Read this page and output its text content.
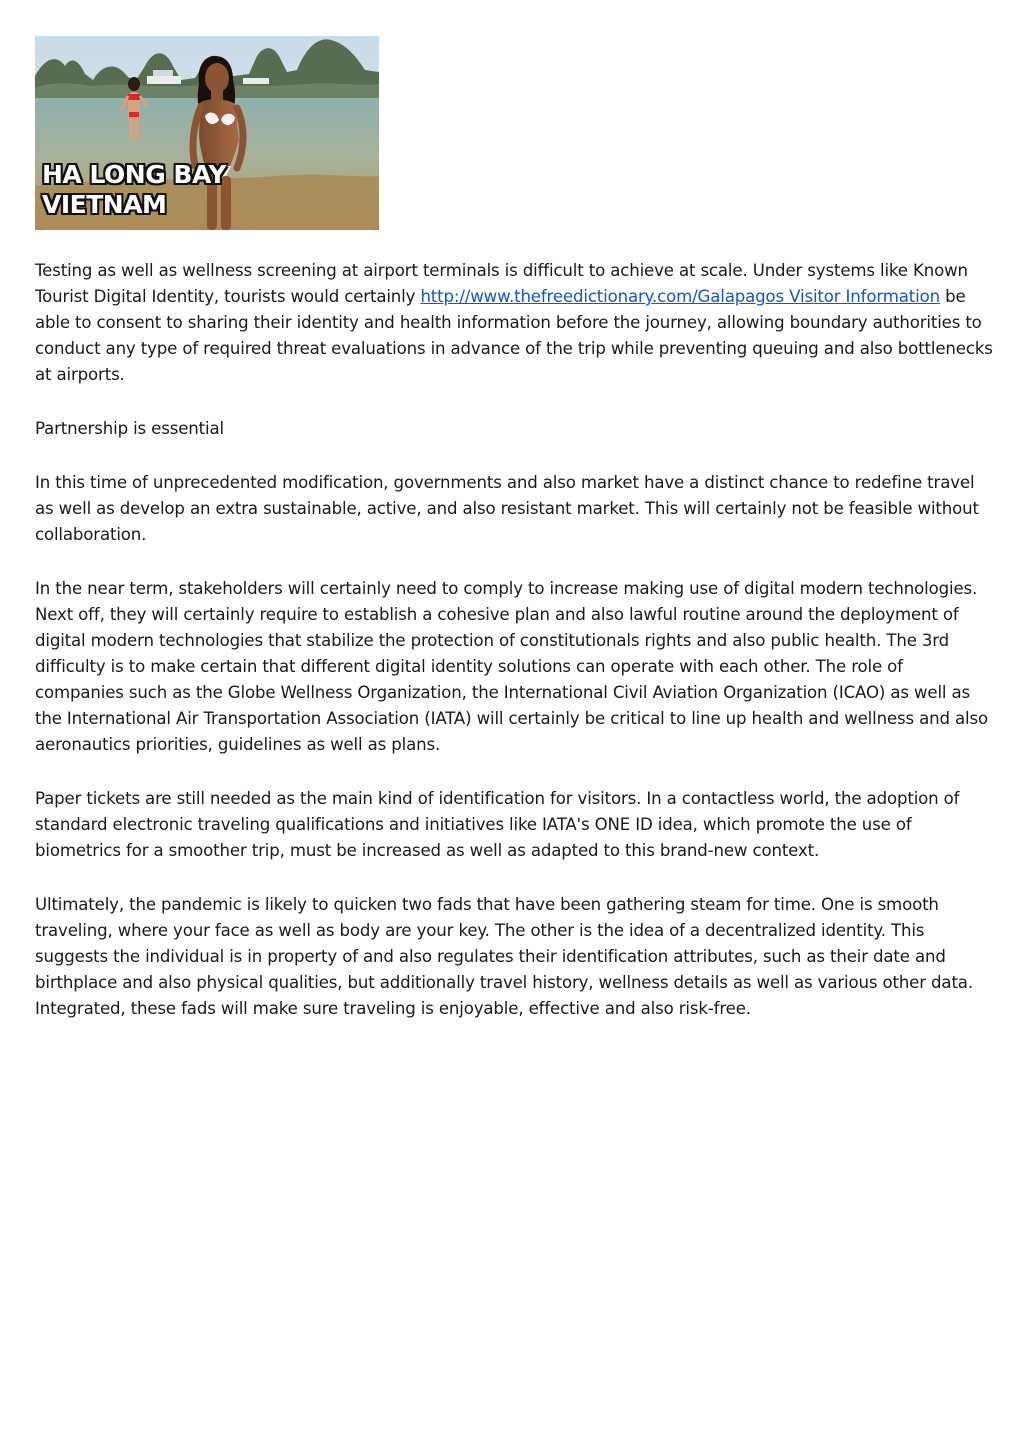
HA LONG BAY
VIETNAM

Testing as well as wellness screening at airport terminals is difficult to achieve at scale. Under systems like Known Tourist Digital Identity, tourists would certainly http://www.thefreedictionary.com/Galapagos Visitor Information be able to consent to sharing their identity and health information before the journey, allowing boundary authorities to conduct any type of required threat evaluations in advance of the trip while preventing queuing and also bottlenecks at airports.

Partnership is essential

In this time of unprecedented modification, governments and also market have a distinct chance to redefine travel as well as develop an extra sustainable, active, and also resistant market. This will certainly not be feasible without collaboration.

In the near term, stakeholders will certainly need to comply to increase making use of digital modern technologies. Next off, they will certainly require to establish a cohesive plan and also lawful routine around the deployment of digital modern technologies that stabilize the protection of constitutionals rights and also public health. The 3rd difficulty is to make certain that different digital identity solutions can operate with each other. The role of companies such as the Globe Wellness Organization, the International Civil Aviation Organization (ICAO) as well as the International Air Transportation Association (IATA) will certainly be critical to line up health and wellness and also aeronautics priorities, guidelines as well as plans.

Paper tickets are still needed as the main kind of identification for visitors. In a contactless world, the adoption of standard electronic traveling qualifications and initiatives like IATA's ONE ID idea, which promote the use of biometrics for a smoother trip, must be increased as well as adapted to this brand-new context.

Ultimately, the pandemic is likely to quicken two fads that have been gathering steam for time. One is smooth traveling, where your face as well as body are your key. The other is the idea of a decentralized identity. This suggests the individual is in property of and also regulates their identification attributes, such as their date and birthplace and also physical qualities, but additionally travel history, wellness details as well as various other data. Integrated, these fads will make sure traveling is enjoyable, effective and also risk-free.
